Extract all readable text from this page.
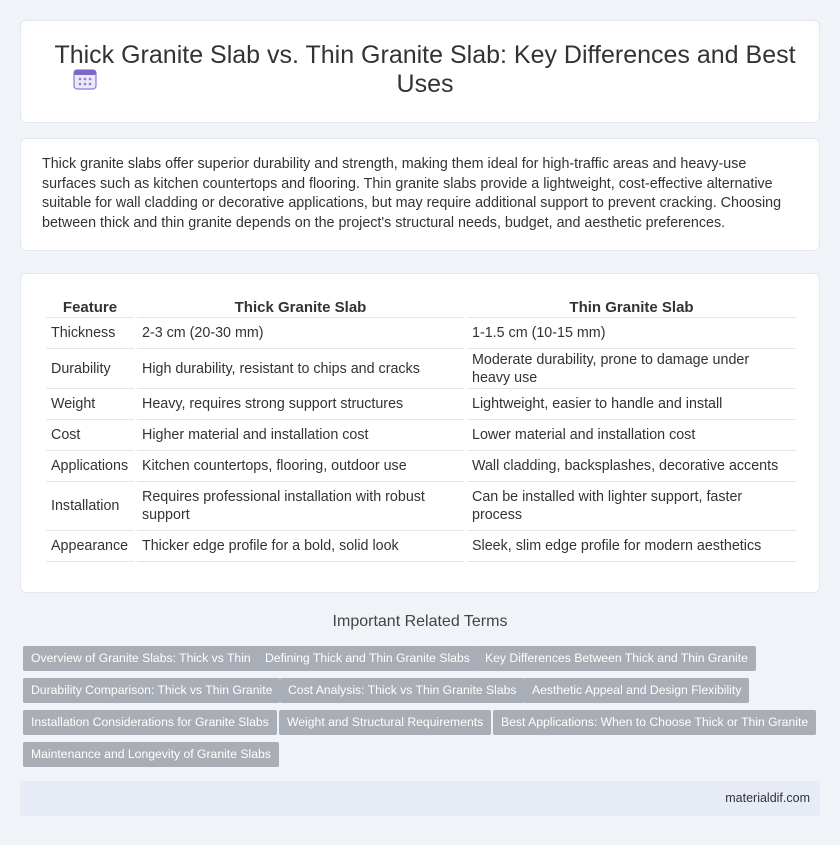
Thick Granite Slab vs. Thin Granite Slab: Key Differences and Best Uses

Thick granite slabs offer superior durability and strength, making them ideal for high-traffic areas and heavy-use surfaces such as kitchen countertops and flooring. Thin granite slabs provide a lightweight, cost-effective alternative suitable for wall cladding or decorative applications, but may require additional support to prevent cracking. Choosing between thick and thin granite depends on the project's structural needs, budget, and aesthetic preferences.

Feature	Thick Granite Slab	Thin Granite Slab
Thickness	2-3 cm (20-30 mm)	1-1.5 cm (10-15 mm)
Durability	High durability, resistant to chips and cracks	Moderate durability, prone to damage under heavy use
Weight	Heavy, requires strong support structures	Lightweight, easier to handle and install
Cost	Higher material and installation cost	Lower material and installation cost
Applications	Kitchen countertops, flooring, outdoor use	Wall cladding, backsplashes, decorative accents
Installation	Requires professional installation with robust support	Can be installed with lighter support, faster process
Appearance	Thicker edge profile for a bold, solid look	Sleek, slim edge profile for modern aesthetics
Important Related Terms
Overview of Granite Slabs: Thick vs Thin	Defining Thick and Thin Granite Slabs	Key Differences Between Thick and Thin Granite
Durability Comparison: Thick vs Thin Granite	Cost Analysis: Thick vs Thin Granite Slabs	Aesthetic Appeal and Design Flexibility
Installation Considerations for Granite Slabs	Weight and Structural Requirements	Best Applications: When to Choose Thick or Thin Granite
Maintenance and Longevity of Granite Slabs
materialdif.com
